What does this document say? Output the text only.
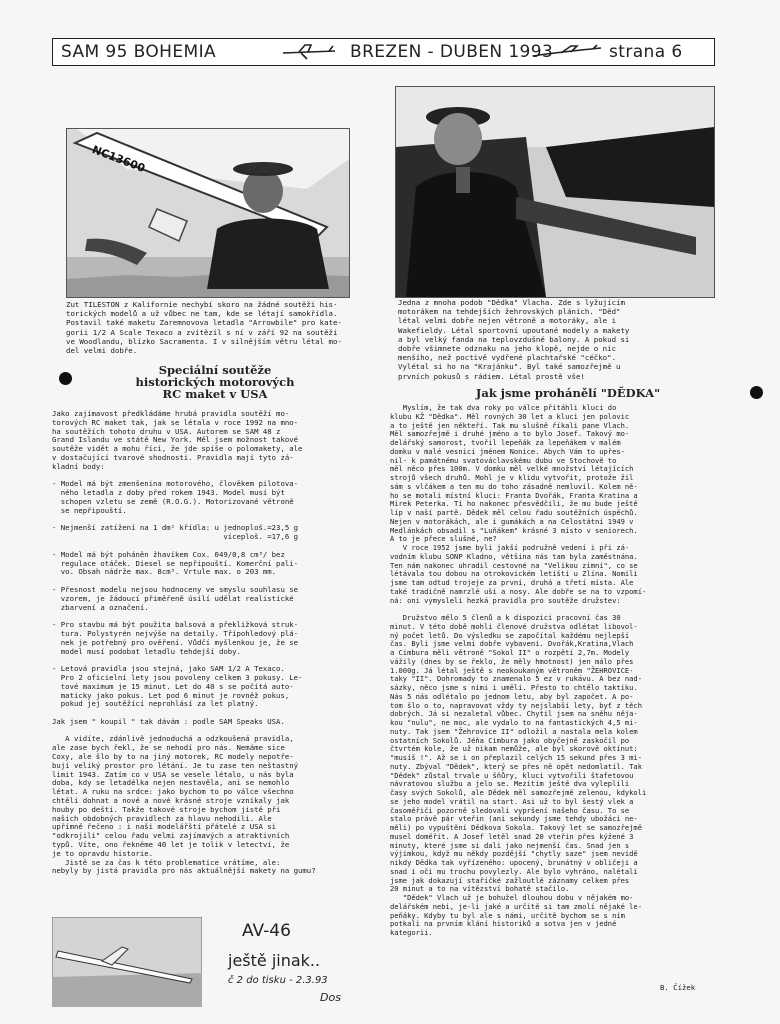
SAM 95 BOHEMIA	BREZEN - DUBEN 1993	strana 6
NC13600
Zut TILESTON z Kalifornie nechybí skoro na žádné soutěži his-
torických modelů a už vůbec ne tam, kde se létají samokřídla.
Postavil také maketu Zaremnovova letadla "Arrowbile" pro kate-
gorii 1/2 A Scale Texaco a zvítězil s ní v září 92 na soutěži
ve Woodlandu, blízko Sacramenta. I v silnějším větru létal mo-
del velmi dobře.
Jedna z mnoha podob "Dědka" Vlacha. Zde s lyžujícím
motorákem na tehdejších žehrovských pláních. "Děd"
létal velmi dobře nejen větroně a motoráky, ale i
Wakefieldy. Létal sportovní upoutané modely a makety
a byl velký fanda na teplovzdušné balony. A pokud si
dobře všimnete odznaku na jeho klopě, nejde o nic
menšího, než poctivě vydřené plachtařské "céčko".
Vylétal si ho na "Krajánku". Byl také samozřejmě u
prvních pokusů s rádiem. Létal prostě vše!
Speciální soutěže
historických motorových
RC maket v USA
Jako zajímavost předkládáme hrubá pravidla soutěží mo-
torových RC maket tak, jak se létala v roce 1992 na mno-
ha soutěžích tohoto druhu v USA. Autorem se SAM 48 z
Grand Islandu ve státě New York. Měl jsem možnost takové
soutěže vidět a mohu říci, že jde spíše o polomakety, ale
v dostačující tvarové shodnosti. Pravidla mají tyto zá-
kladní body:

- Model má být zmenšenina motorového, člověkem pilotova-
ného letadla z doby před rokem 1943. Model musí být
schopen vzletu se země (R.O.G.). Motorizované větroně
se nepřipouští.

- Nejmenší zatížení na 1 dm² křídla: u jednoploš.=23,5 g
víceploš. =17,6 g

- Model má být poháněn žhavíkem Cox. 049/0,8 cm³/ bez
regulace otáček. Diesel se nepřipouští. Komerční pali-
vo. Obsah nádrže max. 8cm³. Vrtule max. o 203 mm.

- Přesnost modelu nejsou hodnoceny ve smyslu souhlasu se
vzorem, je žádoucí přiměřeně úsilí udělat realistické
zbarvení a označení.

- Pro stavbu má být použita balsová a překližková struk-
tura. Polystyrén nejvýše na detaily. Třípohledový plá-
nek je potřebný pro ověření. Vůdčí myšlenkou je, že se
model musí podobat letadlu tehdejší doby.

- Letová pravidla jsou stejná, jako SAM 1/2 A Texaco.
Pro 2 oficielní lety jsou povoleny celkem 3 pokusy. Le-
tové maximum je 15 minut. Let do 40 s se počítá auto-
maticky jako pokus. Let pod 6 minut je rovněž pokus,
pokud jej soutěžící neprohlásí za let platný.

Jak jsem " koupil " tak dávám : podle SAM Speaks USA.

A vidíte, zdánlivě jednoduchá a odzkoušená pravidla,
ale zase bych řekl, že se nehodí pro nás. Nemáme sice
Coxy, ale šlo by to na jiný motorek, RC modely nepotře-
bují veliký prostor pro létání. Je tu zase ten neštastný
limit 1943. Zatím co v USA se vesele létalo, u nás byla
doba, kdy se letadélka nejen nestavěla, ani se nemohlo
létat. A ruku na srdce: jako bychom to po válce všechno
chtěli dohnat a nové a nové krásné stroje vznikaly jak
houby po dešti. Takže takové stroje bychom jistě při
našich obdobných pravidlech za hlavu nehodili. Ale
upřímně řečeno : i naši modelářští přátelé z USA si
"odkrojili" celou řadu velmi zajímavých a atraktivních
typů. Víte, ono řekněme 40 let je tolik v letectví, že
je to opravdu historie.
Jistě se za čas k této problematice vrátíme, ale:
nebyly by jistá pravidla pro nás aktuálnější makety na gumu?
AV-46
ještě jinak..
č 2 do tisku - 2.3.93
Dos
Jak jsme prohánělí "DĚDKA"
Myslím, že tak dva roky po válce přitáhli kluci do
klubu KŽ "Dědka". Měl rovných 30 let a kluci jen polovic
a to ještě jen někteří. Tak mu slušně říkali pane Vlach.
Měl samozřejmě i druhé jméno a to bylo Josef. Takový mo-
delářský samorost, tvořil lepeňák za lepeňákem v malém
domku v malé vesnici jménem Nonice. Abych Vám to upřes-
nil- k památnému svatováclavskému dubu ve Stochově to
měl něco přes 100m. V domku měl velké množství létajících
strojů všech druhů. Mohl je v klidu vytvořit, protože žil
sám s vlčákem a ten mu do toho zásadně nemluvil. Kolem ně-
ho se motali místní kluci: Franta Dvořák, Franta Kratina a
Mirek Peterka. Ti ho nakonec přesvědčili, že mu bude ještě
líp v naší partě. Dědek měl celou řadu soutěžních úspěchů.
Nejen v motorákách, ale i gumákách a na Celostátní 1949 v
Medlánkách obsadil s "Luňákem" krásné 3 místo v seniorech.
A to je přece slušné, ne?
V roce 1952 jsme byli jakší podružně vedení i při zá-
vodním klubu SONP Kladno, většina nás tam byla zaměstnána.
Ten nám nakonec uhradil cestovné na "Velikou zimní", co se
létávala tou dobou na otrokovickém letišti u Zlína. Nomili
jsme tam odtud trojeje za první, druhá a třetí místa. Ale
také tradičně namrzlé uši a nosy. Ale dobře se na to vzpomí-
ná: oni vymysleli hezká pravidla pro soutěže družstev:

Družstvo mělo 5 členů a k dispozici pracovní čas 30
minut. V této době mohli členové družstva odlétat libovol-
ný počet letů. Do výsledku se započítal každému nejlepší
čas. Byli jsme velmi dobře vybaveni. Dvořák,Kratina,Vlach
a Cimbura měli větroně "Sokol II" o rozpětí 2,7m. Modely
vážily (dnes by se řeklo, že měly hmotnost) jen málo přes
1.000g. Já létal ještě s neokoukaným větroněm "ŽEHROVICE-
taky "II". Dohromady to znamenalo 5 ez v rukávu. A bez nad-
sázky, něco jsme s nimi i uměli. Přesto to chtělo taktiku.
Nás 5 nás odlétalo po jednom letu, aby byl započet. A po-
tom šlo o to, napravovat vždy ty nejslabší lety, byť z těch
dobrých. Já si nezaletal vůbec. Chytil jsem na sněhu něja-
kou "nulu", ne moc, ale vydalo to na fantastických 4,5 mi-
nuty. Tak jsem "Žehrovice II" odložil a nastala mela kolem
ostatních Sokolů. Jéňa Cimbura jako obyčejně zaskočil po
čtvrtém kole, že už nikam nemůže, ale byl skorově oktínut:
"musíš !". Až se i on přeplazil celých 15 sekund přes 3 mi-
nuty. Zbýval "Dědek", který se přes ně opět nedomlatil. Tak
"Dědek" zůstal trvale u šňůry, kluci vytvořili štafetovou
návratovou službu a jelo se. Mezitím ještě dva vyleplili
časy svých Sokolů, ale Dědek měl samozřejmě zelenou, kdykoli
se jeho model vrátil na start. Asi už to byl šestý vlek a
časoměřiči pozorně sledovali vypršení našeho času. To se
stalo právě pár vteřin (ani sekundy jsme tehdy ubožáci ne-
měli) po vypuštění Dědkova Sokola. Takový let se samozřejmě
musel doměřit. A Josef letěl snad 20 vteřin přes kýžené 3
minuty, které jsme si dali jako nejmenší čas. Snad jen s
výjimkou, když mu někdy pozdější "chytly saze" jsem nevidě
nikdy Dědka tak vyřízeného: upocený, brunátný v obličeji a
snad i oči mu trochu povylezly. Ale bylo vyhráno, nalétali
jsme jak dokazují staříčké zažloutlé záznamy celkem přes
20 minut a to na vítězství bohatě stačilo.
"Dědek" Vlach už je bohužel dlouhou dobu v nějakém mo-
delářském nebi, je-li jaké a určitě si tam zmolí nějaké le-
peňáky. Kdyby tu byl ale s námi, určitě bychom se s ním
potkali na prvním klání historiků a sotva jen v jedné
kategorii.
B. Čížek
